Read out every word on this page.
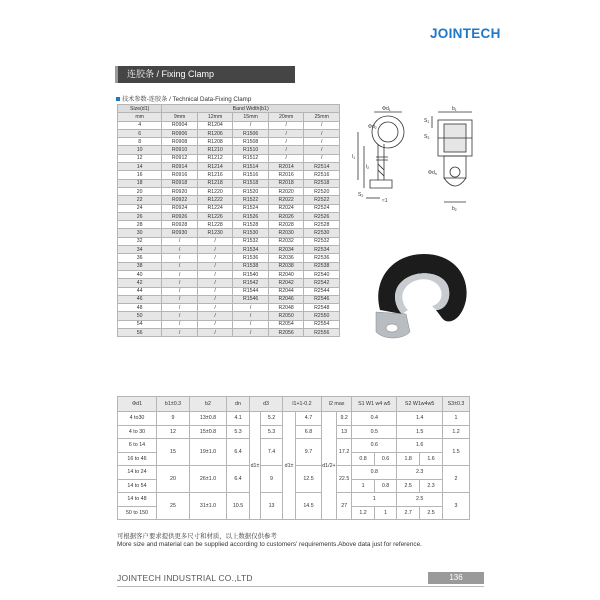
JOINTECH
连胶条 / Fixing Clamp
技术参数-连胶条 / Technical Data-Fixing Clamp
Size(d1)	Band Width(b1)				
mm	9mm	12mm	15mm	20mm	25mm
4	R0904	R1204	/	/	/
6	R0906	R1206	R1506	/	/
8	R0908	R1208	R1508	/	/
10	R0910	R1210	R1510	/	/
12	R0912	R1212	R1512	/	/
14	R0914	R1214	R1514	R2014	R2514
16	R0916	R1216	R1516	R2016	R2516
18	R0918	R1218	R1518	R2018	R2518
20	R0920	R1220	R1520	R2020	R2520
22	R0922	R1222	R1522	R2022	R2522
24	R0924	R1224	R1524	R2024	R2524
26	R0926	R1226	R1526	R2026	R2526
28	R0928	R1228	R1528	R2028	R2528
30	R0930	R1230	R1530	R2030	R2530
32	/	/	R1532	R2032	R2532
34	/	/	R1534	R2034	R2534
36	/	/	R1536	R2036	R2536
38	/	/	R1538	R2038	R2538
40	/	/	R1540	R2040	R2540
42	/	/	R1542	R2042	R2542
44	/	/	R1544	R2044	R2544
46	/	/	R1546	R2046	R2546
48	/	/	/	R2048	R2548
50	/	/	/	R2050	R2550
54	/	/	/	R2054	R2554
56	/	/	/	R2056	R2556
$\Phi d_1$
$\Phi d_2$
$l_1$
$l_2$
$S_2$
≈1
$b_1$
$b_2$
$S_1$
$S_3$
$\Phi d_n$
Φd1	b1±0.3	b2	dn	d3		l1+1-0.2		l2 max		S1 W1 w4 w5		S2 W1w4w5		S3±0.3
4 to30	9	13±0.8	4.1	d1±	5.2	d1±	4.7	d1/2+	9.2	0.4		1.4		1
4 to 30	12	15±0.8	5.3		5.3		6.8		13	0.5		1.5		1.2
6 to 14	15	19±1.0	6.4		7.4		9.7		17.2	0.6		1.6		1.5
16 to 46										0.8	0.6	1.8	1.6	
14 to 24	20	26±1.0	6.4		9		12.5		22.5	0.8		2.3		2
14 to 54										1	0.8	2.5	2.3	
14 to 48	25	31±1.0	10.5		13		14.5		27	1		2.5		3
50 to 150										1.2	1	2.7	2.5	
可根据客户要求提供更多尺寸和材质，以上数据仅供参考
More size and material can be supplied according to customers' requirements.Above data just for reference.
JOINTECH INDUSTRIAL CO.,LTD	136
